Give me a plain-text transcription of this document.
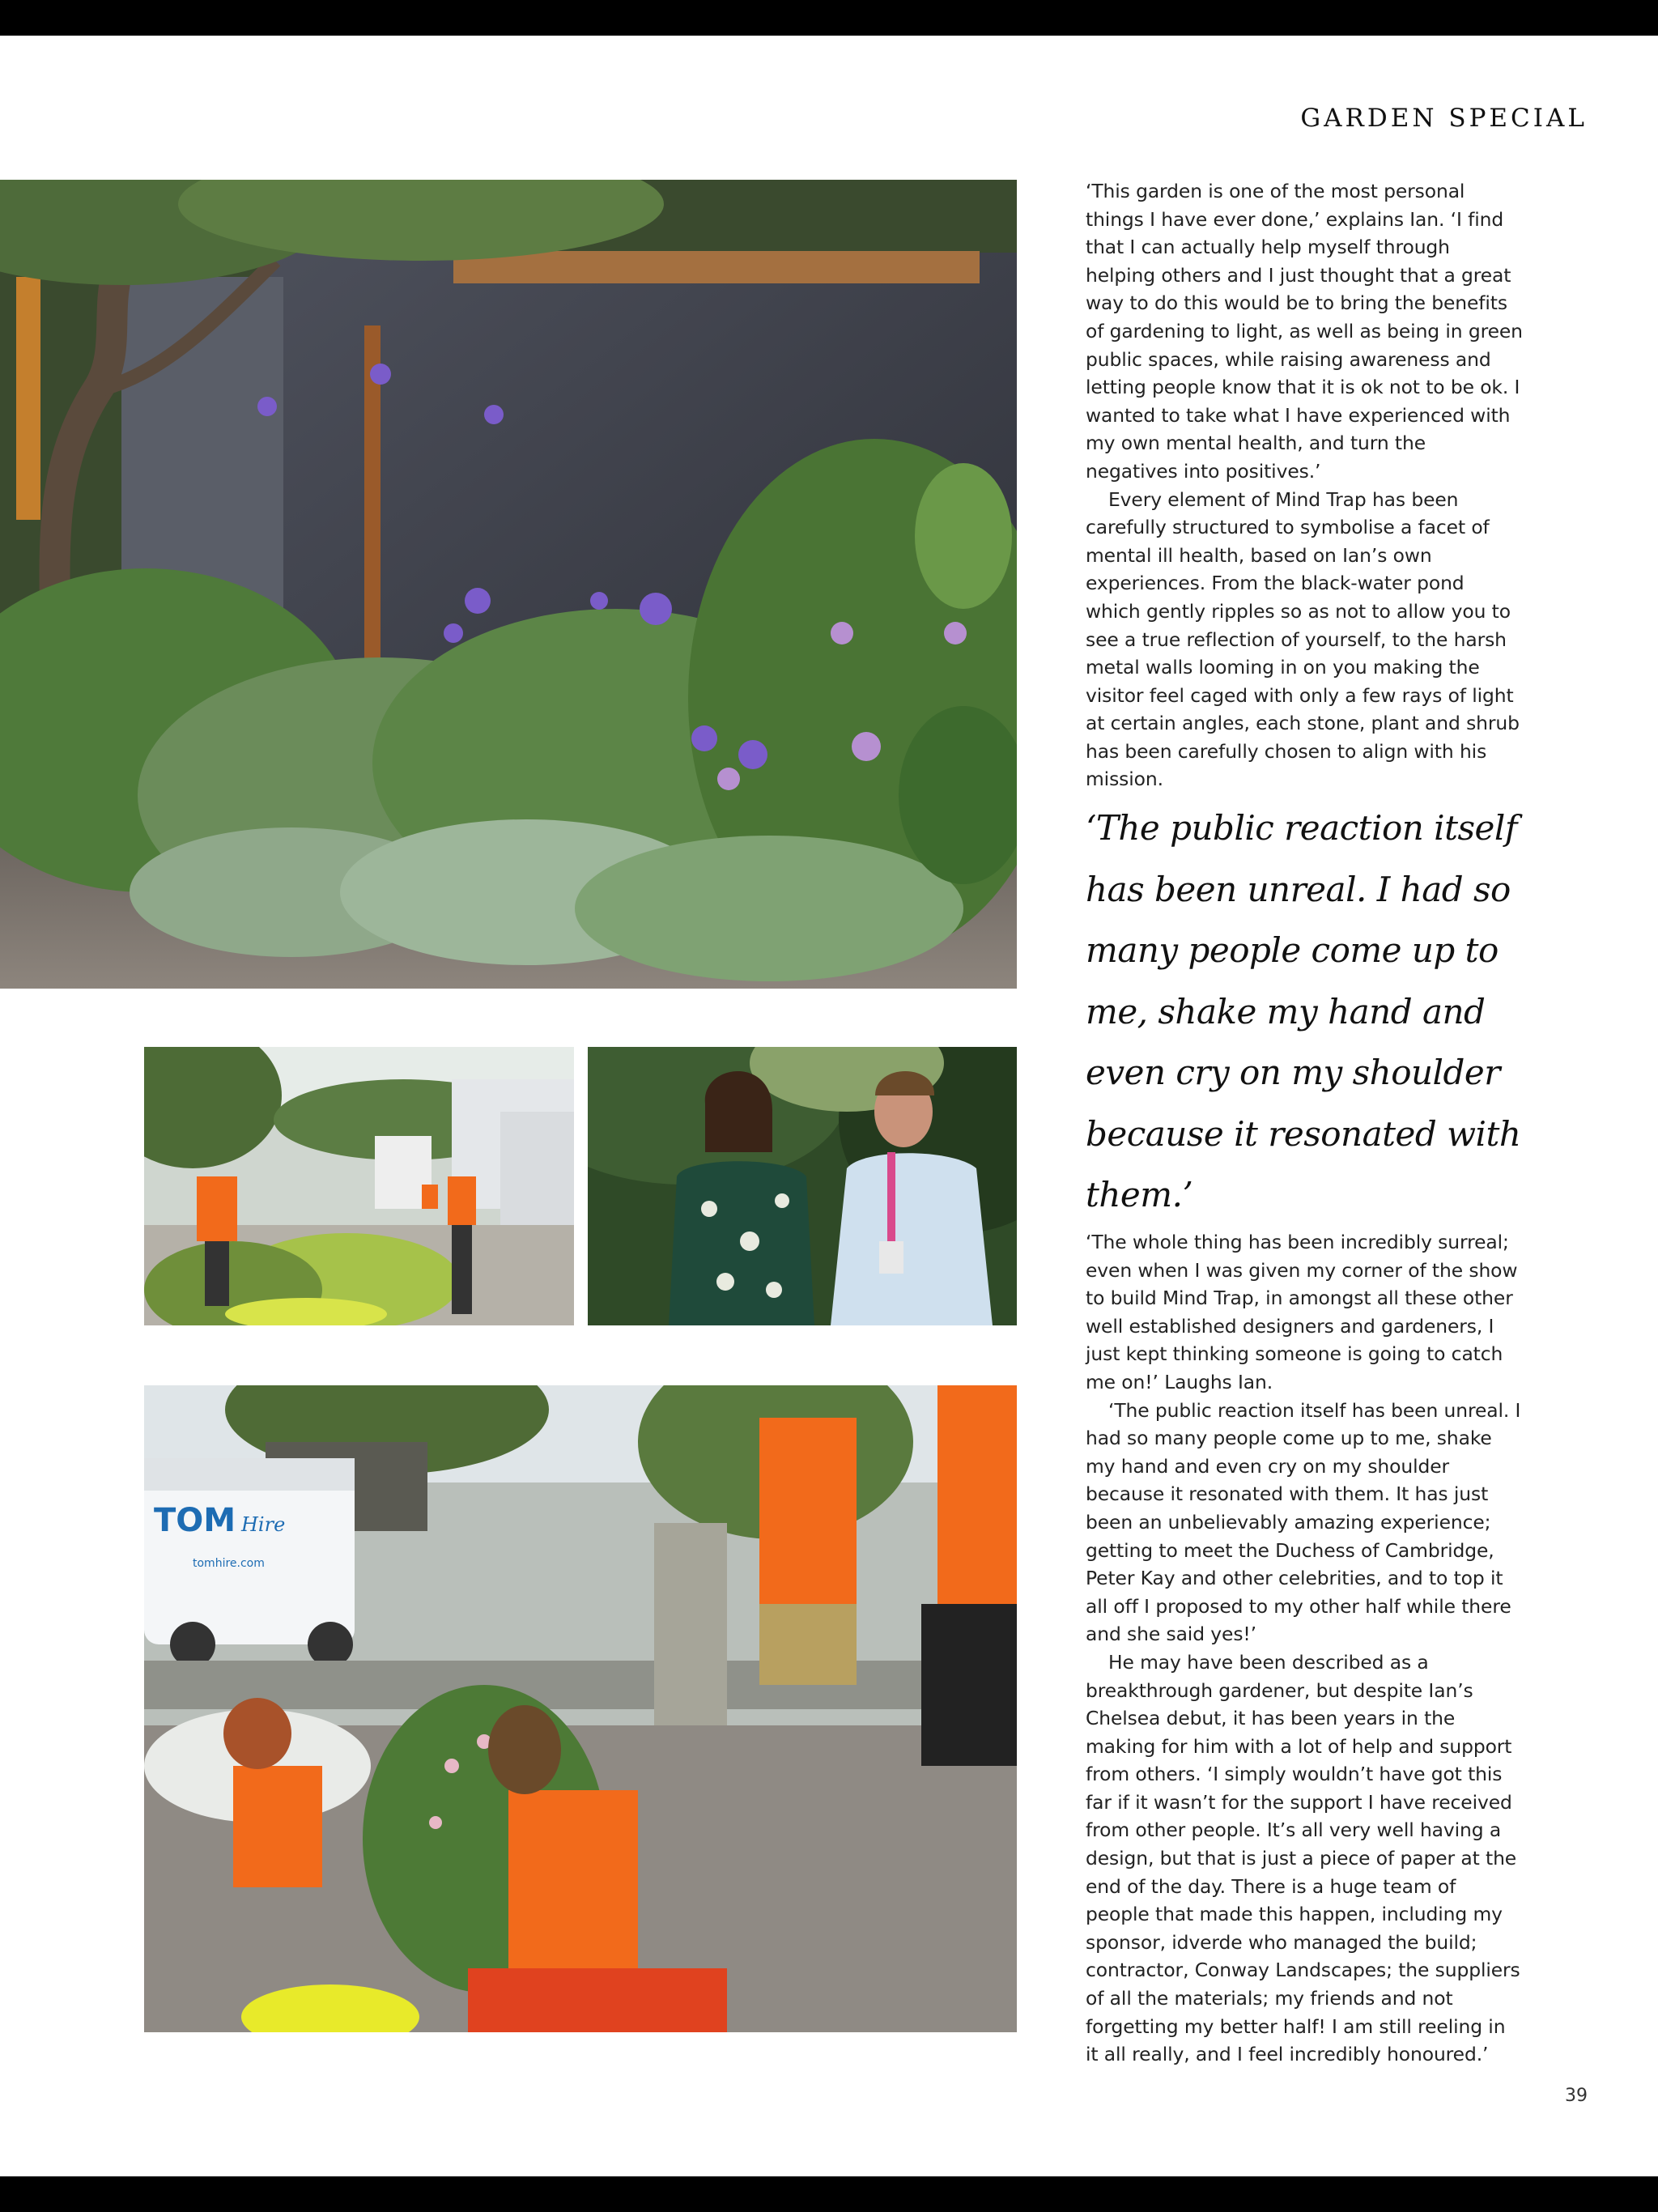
GARDEN SPECIAL
TOM Hire
tomhire.com

‘This garden is one of the most personal things I have ever done,’ explains Ian. ‘I find that I can actually help myself through helping others and I just thought that a great way to do this would be to bring the benefits of gardening to light, as well as being in green public spaces, while raising awareness and letting people know that it is ok not to be ok. I wanted to take what I have experienced with my own mental health, and turn the negatives into positives.’

Every element of Mind Trap has been carefully structured to symbolise a facet of mental ill health, based on Ian’s own experiences. From the black-water pond which gently ripples so as not to allow you to see a true reflection of yourself, to the harsh metal walls looming in on you making the visitor feel caged with only a few rays of light at certain angles, each stone, plant and shrub has been carefully chosen to align with his mission.

‘The public reaction itself has been unreal. I had so many people come up to me, shake my hand and even cry on my shoulder because it resonated with them.’

‘The whole thing has been incredibly surreal; even when I was given my corner of the show to build Mind Trap, in amongst all these other well established designers and gardeners, I just kept thinking someone is going to catch me on!’ Laughs Ian.

‘The public reaction itself has been unreal. I had so many people come up to me, shake my hand and even cry on my shoulder because it resonated with them. It has just been an unbelievably amazing experience; getting to meet the Duchess of Cambridge, Peter Kay and other celebrities, and to top it all off I proposed to my other half while there and she said yes!’

He may have been described as a breakthrough gardener, but despite Ian’s Chelsea debut, it has been years in the making for him with a lot of help and support from others. ‘I simply wouldn’t have got this far if it wasn’t for the support I have received from other people. It’s all very well having a design, but that is just a piece of paper at the end of the day. There is a huge team of people that made this happen, including my sponsor, idverde who managed the build; contractor, Conway Landscapes; the suppliers of all the materials; my friends and not forgetting my better half! I am still reeling in it all really, and I feel incredibly honoured.’

39
